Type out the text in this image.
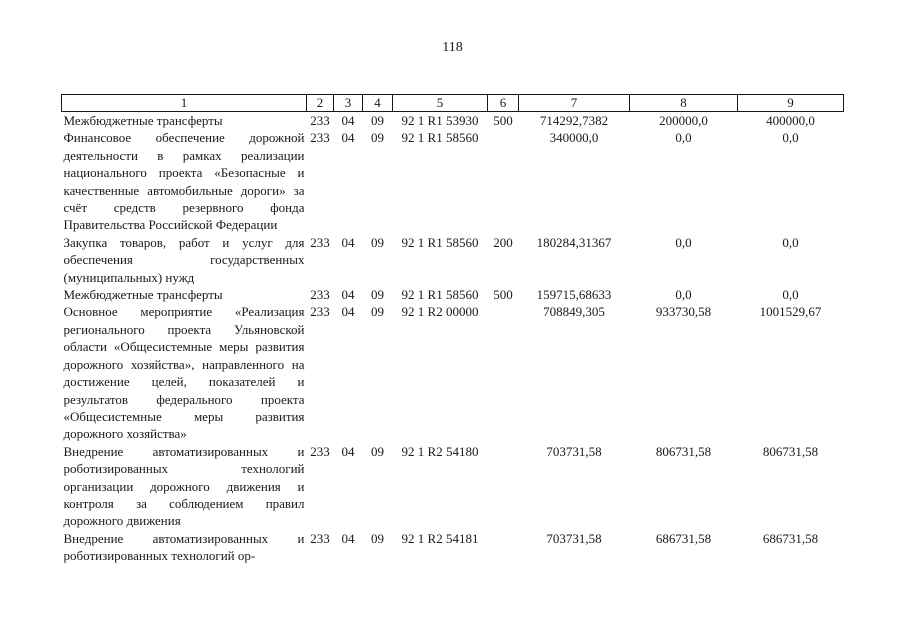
118
1	2	3	4	5	6	7	8	9
Межбюджетные трансферты	233	04	09	92 1 R1 53930	500	714292,7382	200000,0	400000,0
Финансовое обеспечение дорожной деятельности в рамках реализации национального проекта «Безопасные и качественные автомобильные дороги» за счёт средств резервного фонда Правительства Российской Федерации	233	04	09	92 1 R1 58560		340000,0	0,0	0,0
Закупка товаров, работ и услуг для обеспечения государственных (муниципальных) нужд	233	04	09	92 1 R1 58560	200	180284,31367	0,0	0,0
Межбюджетные трансферты	233	04	09	92 1 R1 58560	500	159715,68633	0,0	0,0
Основное мероприятие «Реализация регионального проекта Ульяновской области «Общесистемные меры развития дорожного хозяйства», направленного на достижение целей, показателей и результатов федерального проекта «Общесистемные меры развития дорожного хозяйства»	233	04	09	92 1 R2 00000		708849,305	933730,58	1001529,67
Внедрение автоматизированных и роботизированных технологий организации дорожного движения и контроля за соблюдением правил дорожного движения	233	04	09	92 1 R2 54180		703731,58	806731,58	806731,58
Внедрение автоматизированных и роботизированных технологий ор-	233	04	09	92 1 R2 54181		703731,58	686731,58	686731,58
